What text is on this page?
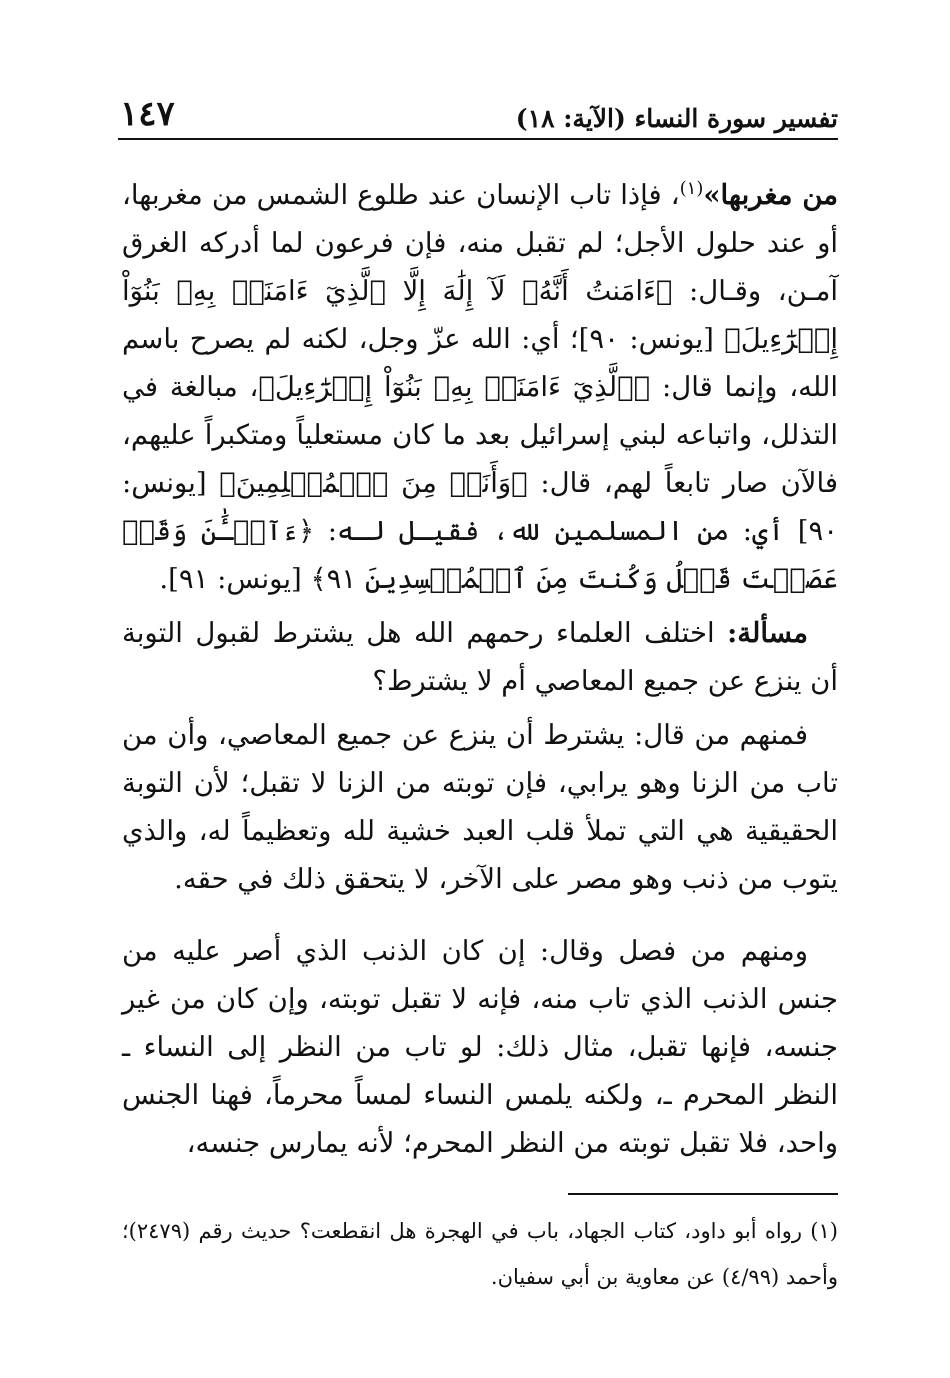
تفسير سورة النساء (الآية: ١٨)
١٤٧

من مغربها»$^{(١)}$، فإذا تاب الإنسان عند طلوع الشمس من مغربها، أو عند حلول الأجل؛ لم تقبل منه، فإن فرعون لما أدركه الغرق آمـن، وقـال: ﴿ءَامَنتُ أَنَّهُۥ لَآ إِلَٰهَ إِلَّا ٱلَّذِيٓ ءَامَنَتۡ بِهِۦ بَنُوٓاْ إِسۡرَٰٓءِيلَ﴾ [يونس: ٩٠]؛ أي: الله عزّ وجل، لكنه لم يصرح باسم الله، وإنما قال: ﴿ٱلَّذِيٓ ءَامَنَتۡ بِهِۦ بَنُوٓاْ إِسۡرَٰٓءِيلَ﴾، مبالغة في التذلل، واتباعه لبني إسرائيل بعد ما كان مستعلياً ومتكبراً عليهم، فالآن صار تابعاً لهم، قال: ﴿وَأَنَا۠ مِنَ ٱلۡمُسۡلِمِينَ﴾ [يونس: ٩٠] أي: من المسلمين لله، فقيـل لـه: ﴿ءَآلۡـَٰٔنَ وَقَدۡ عَصَيۡتَ قَبۡلُ وَكُنتَ مِنَ ٱلۡمُفۡسِدِينَ ٩١﴾ [يونس: ٩١].

مسألة: اختلف العلماء رحمهم الله هل يشترط لقبول التوبة أن ينزع عن جميع المعاصي أم لا يشترط؟

فمنهم من قال: يشترط أن ينزع عن جميع المعاصي، وأن من تاب من الزنا وهو يرابي، فإن توبته من الزنا لا تقبل؛ لأن التوبة الحقيقية هي التي تملأ قلب العبد خشية لله وتعظيماً له، والذي يتوب من ذنب وهو مصر على الآخر، لا يتحقق ذلك في حقه.

ومنهم من فصل وقال: إن كان الذنب الذي أصر عليه من جنس الذنب الذي تاب منه، فإنه لا تقبل توبته، وإن كان من غير جنسه، فإنها تقبل، مثال ذلك: لو تاب من النظر إلى النساء ـ النظر المحرم ـ، ولكنه يلمس النساء لمساً محرماً، فهنا الجنس واحد، فلا تقبل توبته من النظر المحرم؛ لأنه يمارس جنسه،

(١) رواه أبو داود، كتاب الجهاد، باب في الهجرة هل انقطعت؟ حديث رقم (٢٤٧٩)؛ وأحمد (٤/٩٩) عن معاوية بن أبي سفيان.
